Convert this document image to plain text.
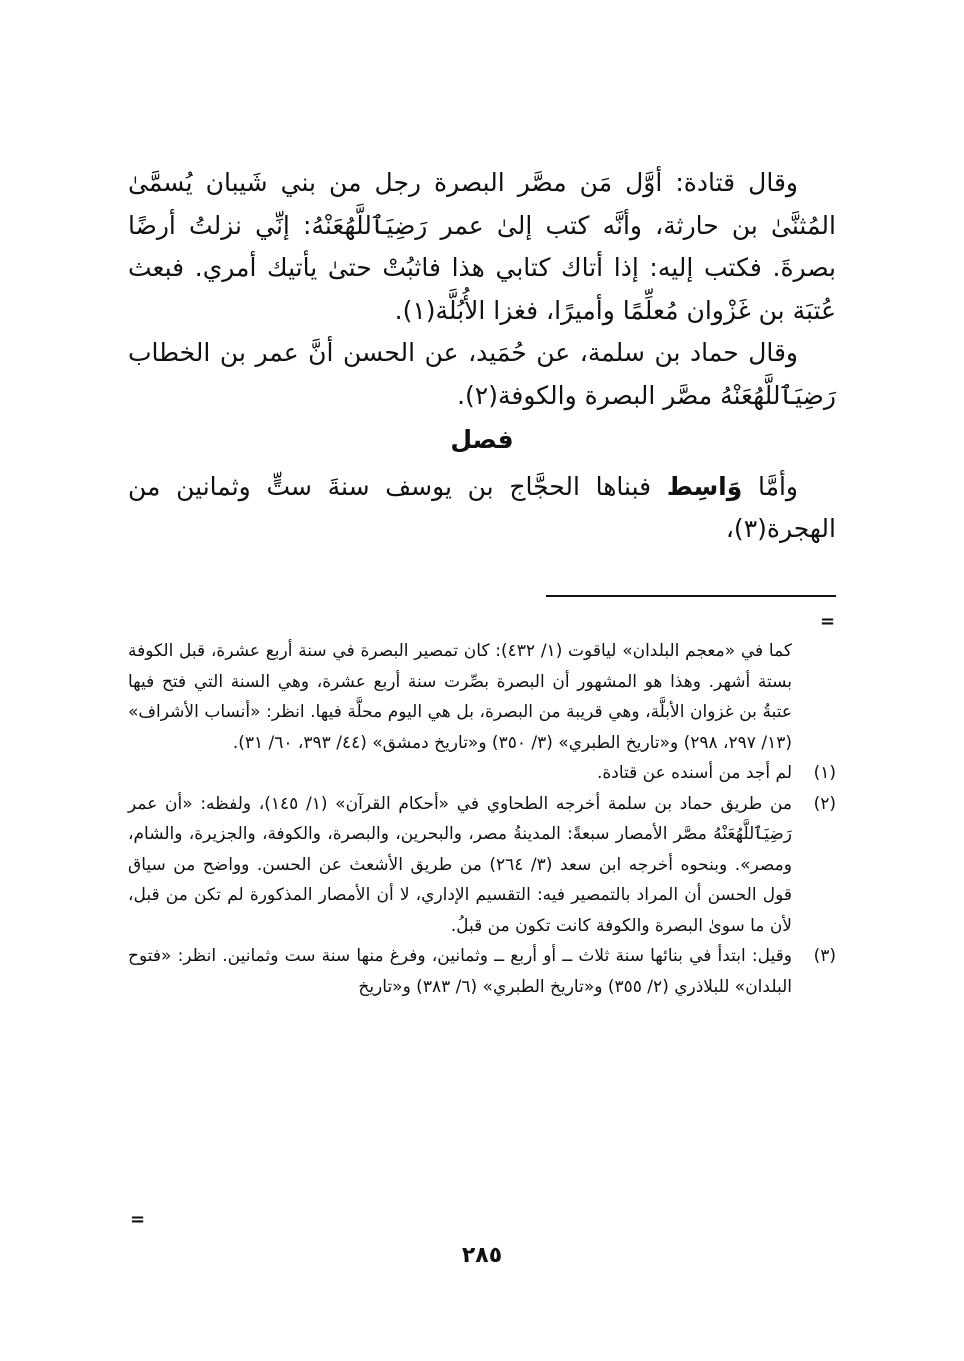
وقال قتادة: أوَّل مَن مصَّر البصرة رجل من بني شَيبان يُسمَّىٰ المُثنَّىٰ بن حارثة، وأنَّه كتب إلىٰ عمر رَضِيَٱللَّهُعَنْهُ: إنِّي نزلتُ أرضًا بصرةَ. فكتب إليه: إذا أتاك كتابي هذا فاثبُتْ حتىٰ يأتيك أمري. فبعث عُتبَة بن غَزْوان مُعلِّمًا وأميرًا، فغزا الأُبُلَّة(١).

وقال حماد بن سلمة، عن حُمَيد، عن الحسن أنَّ عمر بن الخطاب رَضِيَٱللَّهُعَنْهُ مصَّر البصرة والكوفة(٢).

فصل

وأمَّا وَاسِط فبناها الحجَّاج بن يوسف سنةَ ستٍّ وثمانين من الهجرة(٣)،

=

كما في «معجم البلدان» لياقوت (١/ ٤٣٢): كان تمصير البصرة في سنة أربع عشرة، قبل الكوفة بستة أشهر. وهذا هو المشهور أن البصرة بصِّرت سنة أربع عشرة، وهي السنة التي فتح فيها عتبةُ بن غزوان الأبلَّة، وهي قريبة من البصرة، بل هي اليوم محلَّة فيها. انظر: «أنساب الأشراف» (١٣/ ٢٩٧، ٢٩٨) و«تاريخ الطبري» (٣/ ٣٥٠) و«تاريخ دمشق» (٤٤/ ٣٩٣، ٦٠/ ٣١).

(١)
لم أجد من أسنده عن قتادة.
(٢)
من طريق حماد بن سلمة أخرجه الطحاوي في «أحكام القرآن» (١/ ١٤٥)، ولفظه: «أن عمر رَضِيَٱللَّهُعَنْهُ مصَّر الأمصار سبعةً: المدينةُ مصر، والبحرين، والبصرة، والكوفة، والجزيرة، والشام، ومصر». وبنحوه أخرجه ابن سعد (٣/ ٢٦٤) من طريق الأشعث عن الحسن. وواضح من سياق قول الحسن أن المراد بالتمصير فيه: التقسيم الإداري، لا أن الأمصار المذكورة لم تكن من قبل، لأن ما سوىٰ البصرة والكوفة كانت تكون من قبلُ.
(٣)
وقيل: ابتدأ في بنائها سنة ثلاث ــ أو أربع ــ وثمانين، وفرغ منها سنة ست وثمانين. انظر: «فتوح البلدان» للبلاذري (٢/ ٣٥٥) و«تاريخ الطبري» (٦/ ٣٨٣) و«تاريخ
=
٢٨٥
